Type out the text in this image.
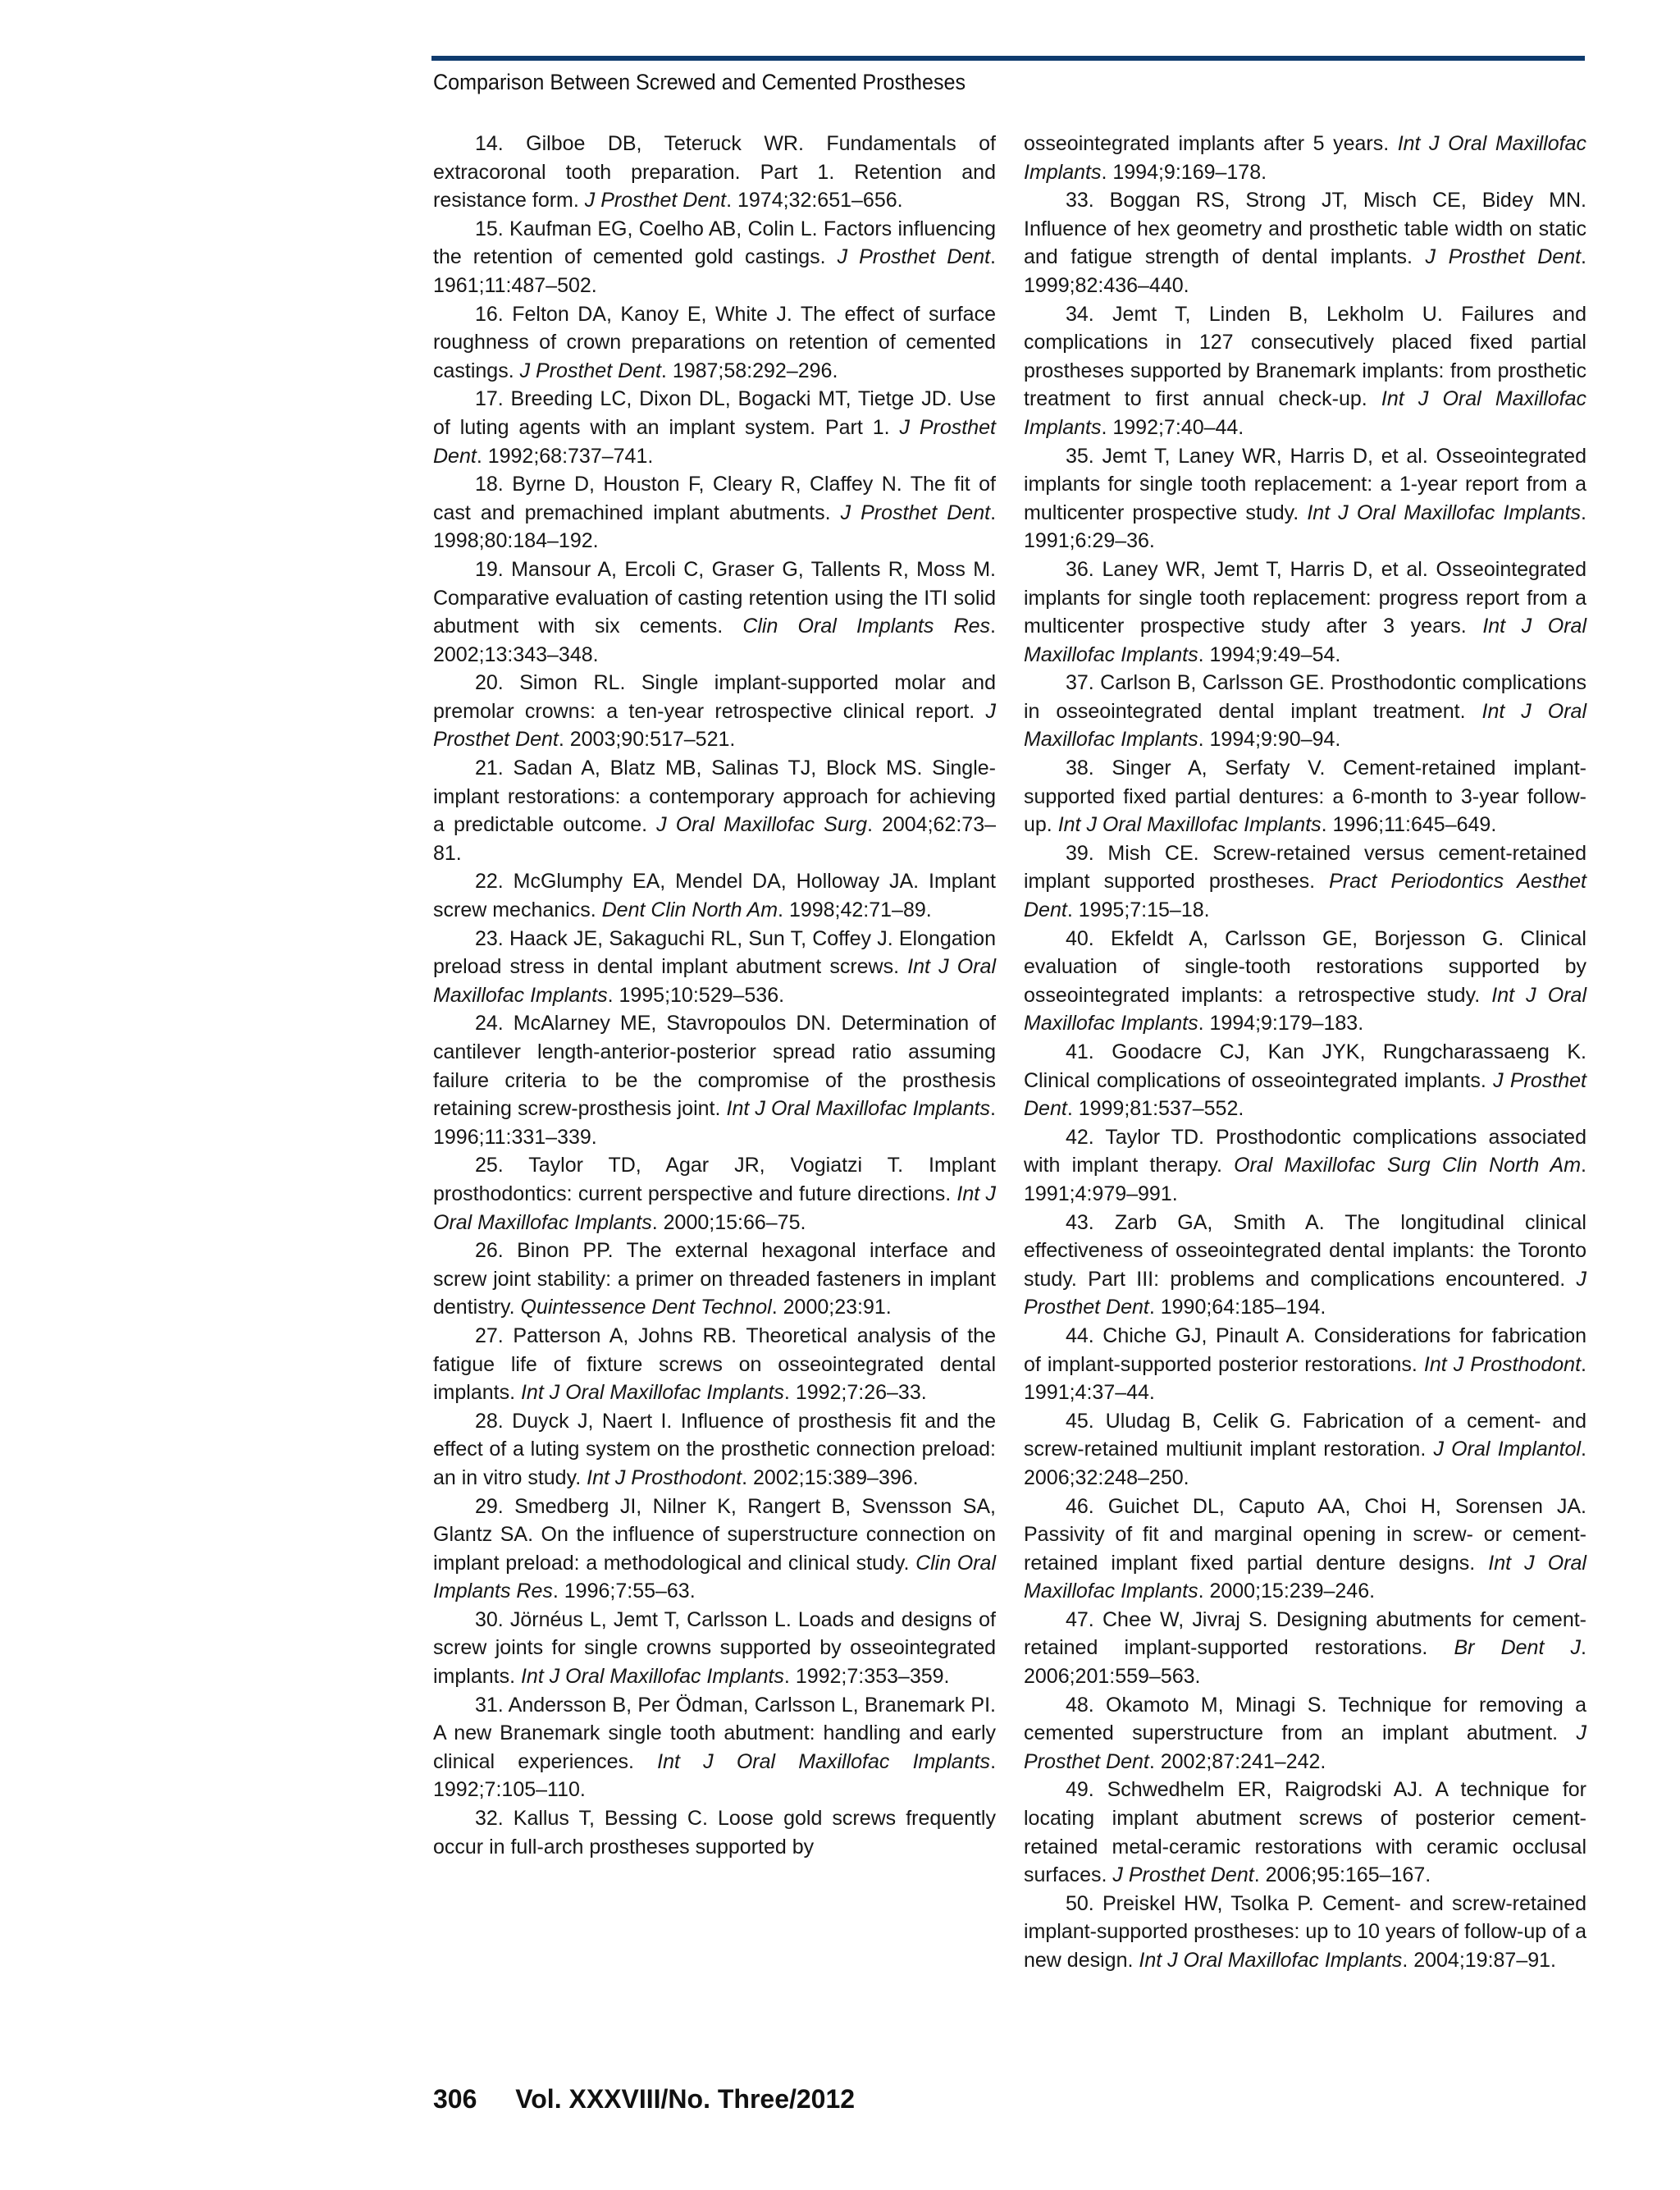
Comparison Between Screwed and Cemented Prostheses

14. Gilboe DB, Teteruck WR. Fundamentals of extracoronal tooth preparation. Part 1. Retention and resistance form. J Prosthet Dent. 1974;32:651–656.

15. Kaufman EG, Coelho AB, Colin L. Factors influencing the retention of cemented gold castings. J Prosthet Dent. 1961;11:487–502.

16. Felton DA, Kanoy E, White J. The effect of surface roughness of crown preparations on retention of cemented castings. J Prosthet Dent. 1987;58:292–296.

17. Breeding LC, Dixon DL, Bogacki MT, Tietge JD. Use of luting agents with an implant system. Part 1. J Prosthet Dent. 1992;68:737–741.

18. Byrne D, Houston F, Cleary R, Claffey N. The fit of cast and premachined implant abutments. J Prosthet Dent. 1998;80:184–192.

19. Mansour A, Ercoli C, Graser G, Tallents R, Moss M. Comparative evaluation of casting retention using the ITI solid abutment with six cements. Clin Oral Implants Res. 2002;13:343–348.

20. Simon RL. Single implant-supported molar and premolar crowns: a ten-year retrospective clinical report. J Prosthet Dent. 2003;90:517–521.

21. Sadan A, Blatz MB, Salinas TJ, Block MS. Single-implant restorations: a contemporary approach for achieving a predictable outcome. J Oral Maxillofac Surg. 2004;62:73–81.

22. McGlumphy EA, Mendel DA, Holloway JA. Implant screw mechanics. Dent Clin North Am. 1998;42:71–89.

23. Haack JE, Sakaguchi RL, Sun T, Coffey J. Elongation preload stress in dental implant abutment screws. Int J Oral Maxillofac Implants. 1995;10:529–536.

24. McAlarney ME, Stavropoulos DN. Determination of cantilever length-anterior-posterior spread ratio assuming failure criteria to be the compromise of the prosthesis retaining screw-prosthesis joint. Int J Oral Maxillofac Implants. 1996;11:331–339.

25. Taylor TD, Agar JR, Vogiatzi T. Implant prosthodontics: current perspective and future directions. Int J Oral Maxillofac Implants. 2000;15:66–75.

26. Binon PP. The external hexagonal interface and screw joint stability: a primer on threaded fasteners in implant dentistry. Quintessence Dent Technol. 2000;23:91.

27. Patterson A, Johns RB. Theoretical analysis of the fatigue life of fixture screws on osseointegrated dental implants. Int J Oral Maxillofac Implants. 1992;7:26–33.

28. Duyck J, Naert I. Influence of prosthesis fit and the effect of a luting system on the prosthetic connection preload: an in vitro study. Int J Prosthodont. 2002;15:389–396.

29. Smedberg JI, Nilner K, Rangert B, Svensson SA, Glantz SA. On the influence of superstructure connection on implant preload: a methodological and clinical study. Clin Oral Implants Res. 1996;7:55–63.

30. Jörnéus L, Jemt T, Carlsson L. Loads and designs of screw joints for single crowns supported by osseointegrated implants. Int J Oral Maxillofac Implants. 1992;7:353–359.

31. Andersson B, Per Ödman, Carlsson L, Branemark PI. A new Branemark single tooth abutment: handling and early clinical experiences. Int J Oral Maxillofac Implants. 1992;7:105–110.

32. Kallus T, Bessing C. Loose gold screws frequently occur in full-arch prostheses supported by

osseointegrated implants after 5 years. Int J Oral Maxillofac Implants. 1994;9:169–178.

33. Boggan RS, Strong JT, Misch CE, Bidey MN. Influence of hex geometry and prosthetic table width on static and fatigue strength of dental implants. J Prosthet Dent. 1999;82:436–440.

34. Jemt T, Linden B, Lekholm U. Failures and complications in 127 consecutively placed fixed partial prostheses supported by Branemark implants: from prosthetic treatment to first annual check-up. Int J Oral Maxillofac Implants. 1992;7:40–44.

35. Jemt T, Laney WR, Harris D, et al. Osseointegrated implants for single tooth replacement: a 1-year report from a multicenter prospective study. Int J Oral Maxillofac Implants. 1991;6:29–36.

36. Laney WR, Jemt T, Harris D, et al. Osseointegrated implants for single tooth replacement: progress report from a multicenter prospective study after 3 years. Int J Oral Maxillofac Implants. 1994;9:49–54.

37. Carlson B, Carlsson GE. Prosthodontic complications in osseointegrated dental implant treatment. Int J Oral Maxillofac Implants. 1994;9:90–94.

38. Singer A, Serfaty V. Cement-retained implant-supported fixed partial dentures: a 6-month to 3-year follow-up. Int J Oral Maxillofac Implants. 1996;11:645–649.

39. Mish CE. Screw-retained versus cement-retained implant supported prostheses. Pract Periodontics Aesthet Dent. 1995;7:15–18.

40. Ekfeldt A, Carlsson GE, Borjesson G. Clinical evaluation of single-tooth restorations supported by osseointegrated implants: a retrospective study. Int J Oral Maxillofac Implants. 1994;9:179–183.

41. Goodacre CJ, Kan JYK, Rungcharassaeng K. Clinical complications of osseointegrated implants. J Prosthet Dent. 1999;81:537–552.

42. Taylor TD. Prosthodontic complications associated with implant therapy. Oral Maxillofac Surg Clin North Am. 1991;4:979–991.

43. Zarb GA, Smith A. The longitudinal clinical effectiveness of osseointegrated dental implants: the Toronto study. Part III: problems and complications encountered. J Prosthet Dent. 1990;64:185–194.

44. Chiche GJ, Pinault A. Considerations for fabrication of implant-supported posterior restorations. Int J Prosthodont. 1991;4:37–44.

45. Uludag B, Celik G. Fabrication of a cement- and screw-retained multiunit implant restoration. J Oral Implantol. 2006;32:248–250.

46. Guichet DL, Caputo AA, Choi H, Sorensen JA. Passivity of fit and marginal opening in screw- or cement-retained implant fixed partial denture designs. Int J Oral Maxillofac Implants. 2000;15:239–246.

47. Chee W, Jivraj S. Designing abutments for cement-retained implant-supported restorations. Br Dent J. 2006;201:559–563.

48. Okamoto M, Minagi S. Technique for removing a cemented superstructure from an implant abutment. J Prosthet Dent. 2002;87:241–242.

49. Schwedhelm ER, Raigrodski AJ. A technique for locating implant abutment screws of posterior cement-retained metal-ceramic restorations with ceramic occlusal surfaces. J Prosthet Dent. 2006;95:165–167.

50. Preiskel HW, Tsolka P. Cement- and screw-retained implant-supported prostheses: up to 10 years of follow-up of a new design. Int J Oral Maxillofac Implants. 2004;19:87–91.

306 Vol. XXXVIII/No. Three/2012
